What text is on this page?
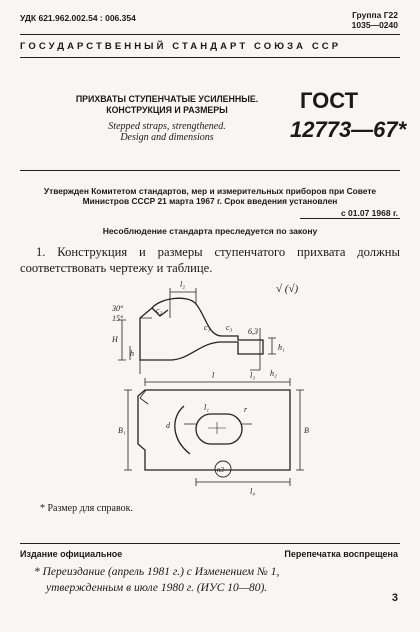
УДК 621.962.002.54 : 006.354	Группа Г22
1035—0240
ГОСУДАРСТВЕННЫЙ СТАНДАРТ СОЮЗА ССР
ПРИХВАТЫ СТУПЕНЧАТЫЕ УСИЛЕННЫЕ.
КОНСТРУКЦИЯ И РАЗМЕРЫ
Stepped straps, strengthened.
Design and dimensions
ГОСТ
12773—67*
Утвержден Комитетом стандартов, мер и измерительных приборов при Совете
Министров СССР 21 марта 1967 г. Срок введения установлен
с 01.07 1968 г.
Несоблюдение стандарта преследуется по закону
1. Конструкция и размеры ступенчатого прихвата должны соответствовать чертежу и таблице.
√ (√)
l₂
30°
15°
H
h
c₂
c₁ c₃ 6,3
h₁
l₃ h₂
l
B₁	B
l₁	r
d
l₄
n3
* Размер для справок.
Издание официальное	Перепечатка воспрещена
* Переиздание (апрель 1981 г.) с Изменением № 1,
утвержденным в июле 1980 г. (ИУС 10—80).
3
